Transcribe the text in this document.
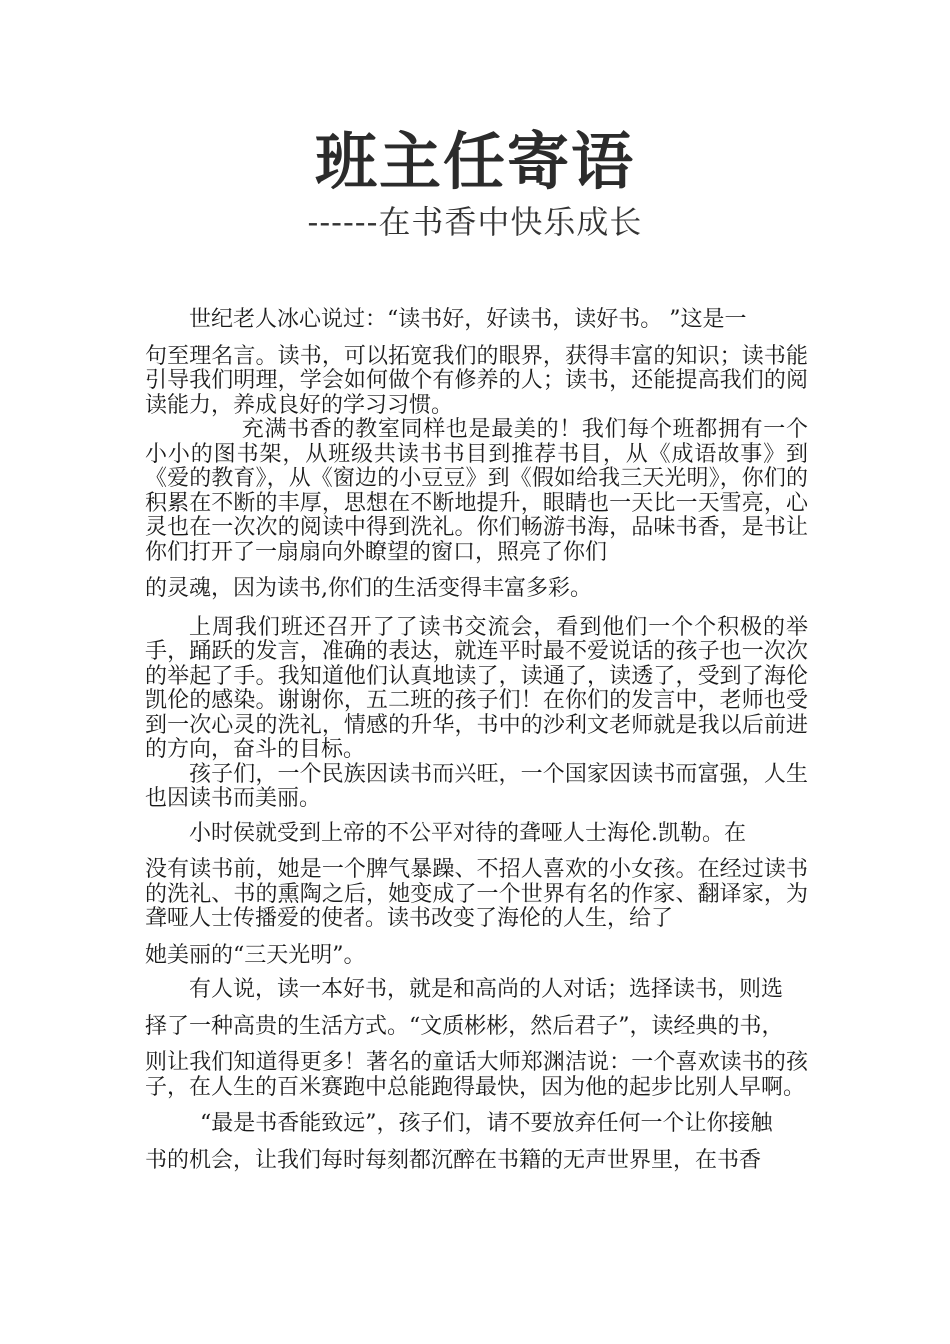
班主任寄语
------在书香中快乐成长

世纪老人冰心说过：“读书好，好读书，读好书。 ”这是一
句至理名言。读书，可以拓宽我们的眼界，获得丰富的知识；读书能引导我们明理，学会如何做个有修养的人；读书，还能提高我们的阅读能力，养成良好的学习习惯。

充满书香的教室同样也是最美的！我们每个班都拥有一个小小的图书架，从班级共读书书目到推荐书目，从《成语故事》到《爱的教育》，从《窗边的小豆豆》到《假如给我三天光明》，你们的积累在不断的丰厚，思想在不断地提升，眼睛也一天比一天雪亮，心灵也在一次次的阅读中得到洗礼。你们畅游书海，品味书香，是书让你们打开了一扇扇向外瞭望的窗口，照亮了你们
的灵魂，因为读书,你们的生活变得丰富多彩。

上周我们班还召开了了读书交流会，看到他们一个个积极的举手，踊跃的发言，准确的表达，就连平时最不爱说话的孩子也一次次的举起了手。我知道他们认真地读了，读通了，读透了，受到了海伦凯伦的感染。谢谢你，五二班的孩子们！在你们的发言中，老师也受到一次心灵的洗礼，情感的升华，书中的沙利文老师就是我以后前进的方向，奋斗的目标。

孩子们，一个民族因读书而兴旺，一个国家因读书而富强，人生也因读书而美丽。

小时侯就受到上帝的不公平对待的聋哑人士海伦.凯勒。在
没有读书前，她是一个脾气暴躁、不招人喜欢的小女孩。在经过读书的洗礼、书的熏陶之后，她变成了一个世界有名的作家、翻译家，为聋哑人士传播爱的使者。读书改变了海伦的人生，给了
她美丽的“三天光明”。

有人说，读一本好书，就是和高尚的人对话；选择读书，则选
择了一种高贵的生活方式。“文质彬彬，然后君子”，读经典的书，
则让我们知道得更多！著名的童话大师郑渊洁说：一个喜欢读书的孩子，在人生的百米赛跑中总能跑得最快，因为他的起步比别人早啊。

“最是书香能致远”，孩子们，请不要放弃任何一个让你接触
书的机会，让我们每时每刻都沉醉在书籍的无声世界里，在书香
